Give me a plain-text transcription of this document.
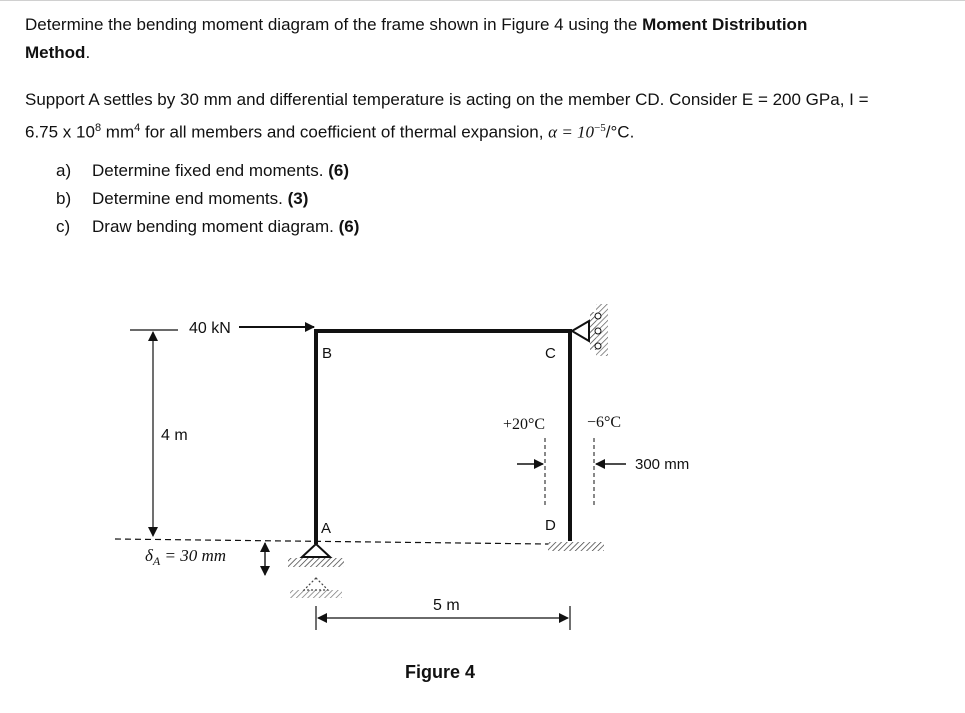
Determine the bending moment diagram of the frame shown in Figure 4 using the Moment Distribution
Method.

Support A settles by 30 mm and differential temperature is acting on the member CD. Consider E = 200 GPa, I =
6.75 x $10^8$ $mm^4$ for all members and coefficient of thermal expansion, $\alpha = 10^{-5}/^\circ C$.

a) Determine fixed end moments. (6)
b) Determine end moments. (3)
c) Draw bending moment diagram. (6)
40 kN
4 m
$\delta_A = 30$ mm
B	C
A	D
+20°C	−6°C
300 mm
5 m
Figure 4
